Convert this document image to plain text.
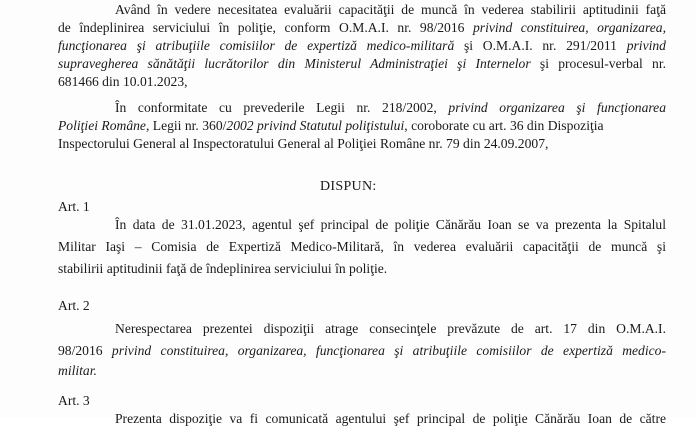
Având în vedere necesitatea evaluării capacităţii de muncă în vederea stabilirii aptitudinii faţă
de îndeplinirea serviciului în poliţie, conform O.M.A.I. nr. 98/2016 privind constituirea, organizarea,
funcţionarea şi atribuţiile comisiilor de expertiză medico-militară şi O.M.A.I. nr. 291/2011 privind
supravegherea sănătăţii lucrătorilor din Ministerul Administraţiei şi Internelor şi procesul-verbal nr.
681466 din 10.01.2023,
În conformitate cu prevederile Legii nr. 218/2002, privind organizarea şi funcţionarea
Poliţiei Române, Legii nr. 360/2002 privind Statutul poliţistului, coroborate cu art. 36 din Dispoziţia
Inspectorului General al Inspectoratului General al Poliţiei Române nr. 79 din 24.09.2007,
DISPUN:
Art. 1
În data de 31.01.2023, agentul şef principal de poliţie Cănărău Ioan se va prezenta la Spitalul
Militar Iaşi – Comisia de Expertiză Medico-Militară, în vederea evaluării capacităţii de muncă şi
stabilirii aptitudinii faţă de îndeplinirea serviciului în poliţie.
Art. 2
Nerespectarea prezentei dispoziţii atrage consecinţele prevăzute de art. 17 din O.M.A.I.
98/2016 privind constituirea, organizarea, funcţionarea şi atribuţiile comisiilor de expertiză medico-
militar.
Art. 3
Prezenta dispoziţie va fi comunicată agentului şef principal de poliţie Cănărău Ioan de către
